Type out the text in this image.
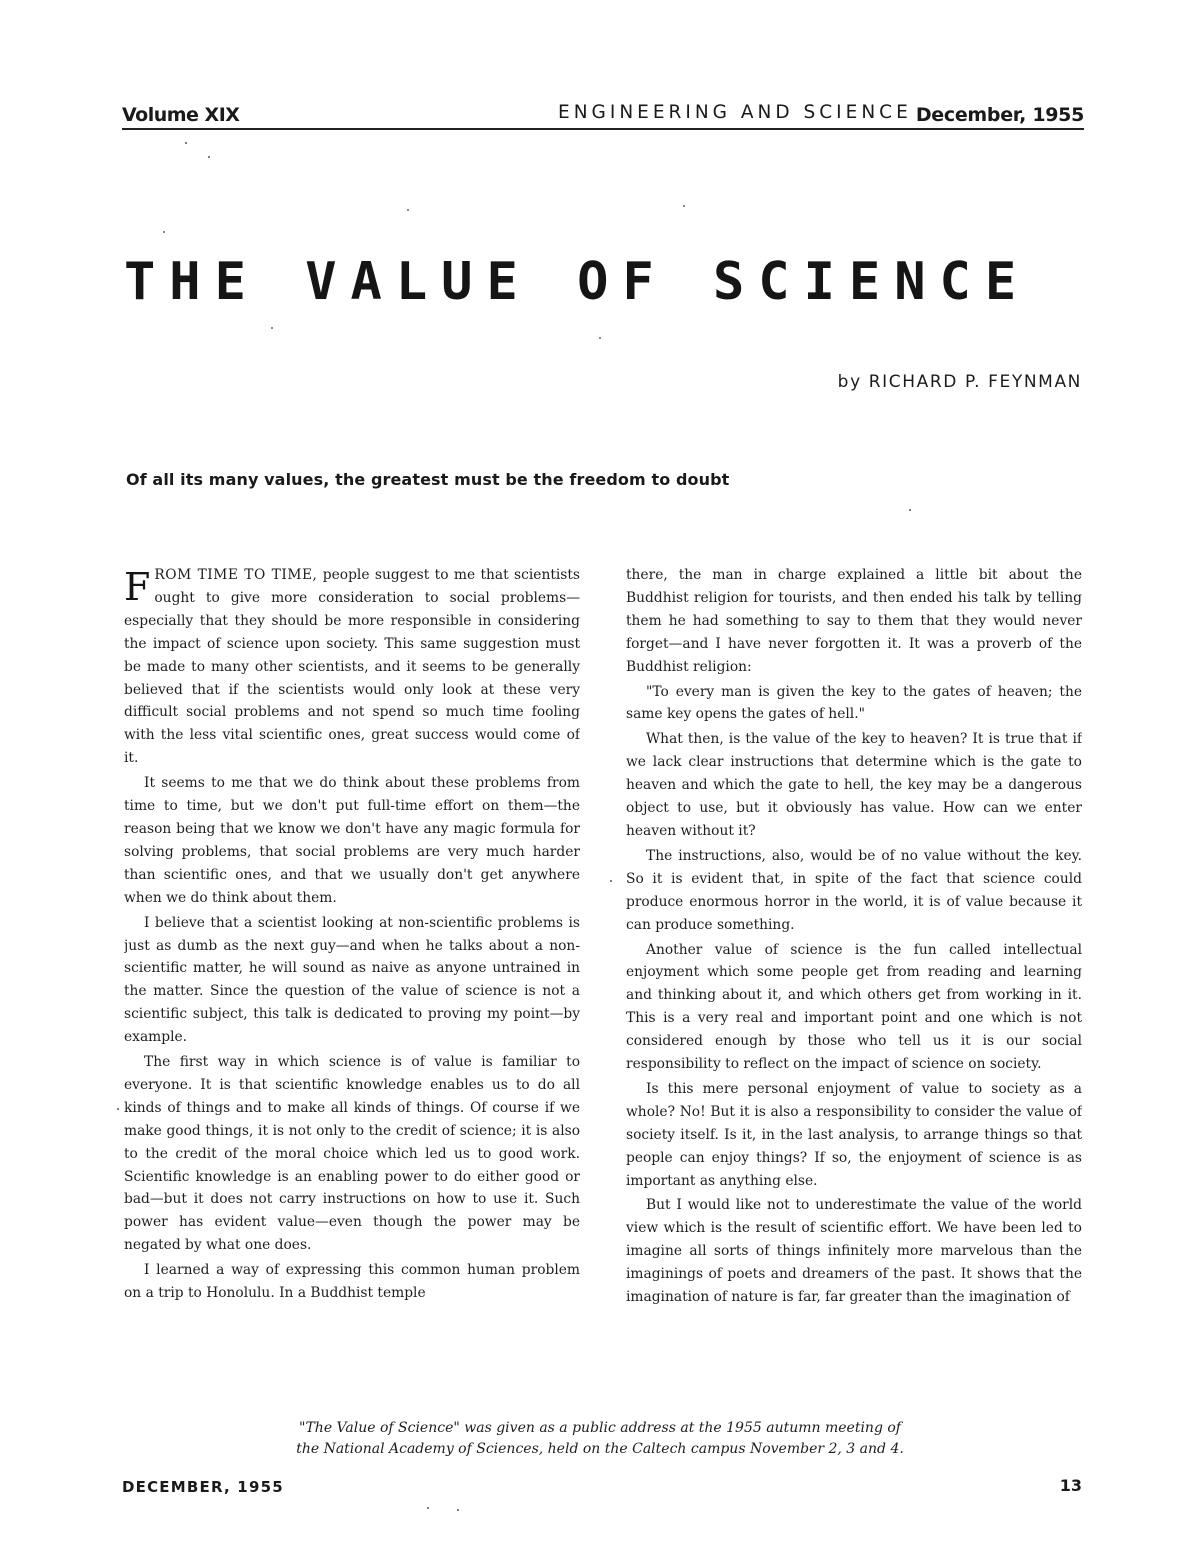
Volume XIX	ENGINEERING AND SCIENCE December, 1955
THE VALUE OF SCIENCE
by RICHARD P. FEYNMAN
Of all its many values, the greatest must be the freedom to doubt

FROM TIME TO TIME, people suggest to me that scientists ought to give more consideration to social problems—especially that they should be more responsible in considering the impact of science upon society. This same suggestion must be made to many other scientists, and it seems to be generally believed that if the scientists would only look at these very difficult social problems and not spend so much time fooling with the less vital scientific ones, great success would come of it.

It seems to me that we do think about these problems from time to time, but we don't put full-time effort on them—the reason being that we know we don't have any magic formula for solving problems, that social problems are very much harder than scientific ones, and that we usually don't get anywhere when we do think about them.

I believe that a scientist looking at non-scientific problems is just as dumb as the next guy—and when he talks about a non-scientific matter, he will sound as naive as anyone untrained in the matter. Since the question of the value of science is not a scientific subject, this talk is dedicated to proving my point—by example.

The first way in which science is of value is familiar to everyone. It is that scientific knowledge enables us to do all kinds of things and to make all kinds of things. Of course if we make good things, it is not only to the credit of science; it is also to the credit of the moral choice which led us to good work. Scientific knowledge is an enabling power to do either good or bad—but it does not carry instructions on how to use it. Such power has evident value—even though the power may be negated by what one does.

I learned a way of expressing this common human problem on a trip to Honolulu. In a Buddhist temple

there, the man in charge explained a little bit about the Buddhist religion for tourists, and then ended his talk by telling them he had something to say to them that they would never forget—and I have never forgotten it. It was a proverb of the Buddhist religion:

"To every man is given the key to the gates of heaven; the same key opens the gates of hell."

What then, is the value of the key to heaven? It is true that if we lack clear instructions that determine which is the gate to heaven and which the gate to hell, the key may be a dangerous object to use, but it obviously has value. How can we enter heaven without it?

The instructions, also, would be of no value without the key. So it is evident that, in spite of the fact that science could produce enormous horror in the world, it is of value because it can produce something.

Another value of science is the fun called intellectual enjoyment which some people get from reading and learning and thinking about it, and which others get from working in it. This is a very real and important point and one which is not considered enough by those who tell us it is our social responsibility to reflect on the impact of science on society.

Is this mere personal enjoyment of value to society as a whole? No! But it is also a responsibility to consider the value of society itself. Is it, in the last analysis, to arrange things so that people can enjoy things? If so, the enjoyment of science is as important as anything else.

But I would like not to underestimate the value of the world view which is the result of scientific effort. We have been led to imagine all sorts of things infinitely more marvelous than the imaginings of poets and dreamers of the past. It shows that the imagination of nature is far, far greater than the imagination of

"The Value of Science" was given as a public address at the 1955 autumn meeting of
the National Academy of Sciences, held on the Caltech campus November 2, 3 and 4.
DECEMBER, 1955	13
